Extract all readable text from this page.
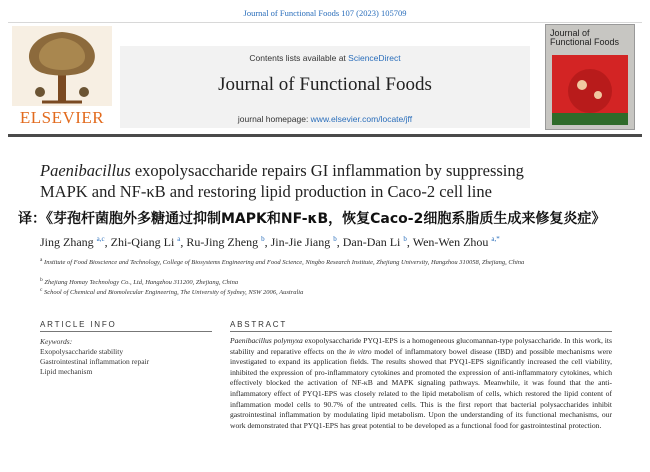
Journal of Functional Foods 107 (2023) 105709
ELSEVIER
Contents lists available at ScienceDirect
Journal of Functional Foods
journal homepage: www.elsevier.com/locate/jff
Journal of Functional Foods
Paenibacillus exopolysaccharide repairs GI inflammation by suppressing
MAPK and NF-κB and restoring lipid production in Caco-2 cell line
译：《芽孢杆菌胞外多糖通过抑制MAPK和NF-κB，恢复Caco-2细胞系脂质生成来修复炎症》
Jing Zhang $^{a,c}$, Zhi-Qiang Li $^a$, Ru-Jing Zheng $^b$, Jin-Jie Jiang $^b$, Dan-Dan Li $^b$, Wen-Wen Zhou $^{a,*}$
$^a$ Institute of Food Bioscience and Technology, College of Biosystems Engineering and Food Science, Ningbo Research Institute, Zhejiang University, Hangzhou 310058, Zhejiang, China
$^b$ Zhejiang Homay Technology Co., Ltd, Hangzhou 311200, Zhejiang, China
$^c$ School of Chemical and Biomolecular Engineering, The University of Sydney, NSW 2006, Australia
ARTICLE INFO
Keywords:
Exopolysaccharide stability
Gastrointestinal inflammation repair
Lipid mechanism
ABSTRACT
Paenibacillus polymyxa exopolysaccharide PYQ1-EPS is a homogeneous glucomannan-type polysaccharide. In this work, its stability and reparative effects on the in vitro model of inflammatory bowel disease (IBD) and possible mechanisms were investigated to expand its application fields. The results showed that PYQ1-EPS significantly increased the cell viability, inhibited the expression of pro-inflammatory cytokines and promoted the expression of anti-inflammatory cytokines, which effectively blocked the activation of NF-κB and MAPK signaling pathways. Meanwhile, it was found that the anti-inflammatory effect of PYQ1-EPS was closely related to the lipid metabolism of cells, which restored the lipid content of inflammation model cells to 90.7% of the untreated cells. This is the first report that bacterial polysaccharides inhibit gastrointestinal inflammation by modulating lipid metabolism. Upon the understanding of its functional mechanisms, our work demonstrated that PYQ1-EPS has great potential to be developed as a functional food for gastrointestinal protection.
